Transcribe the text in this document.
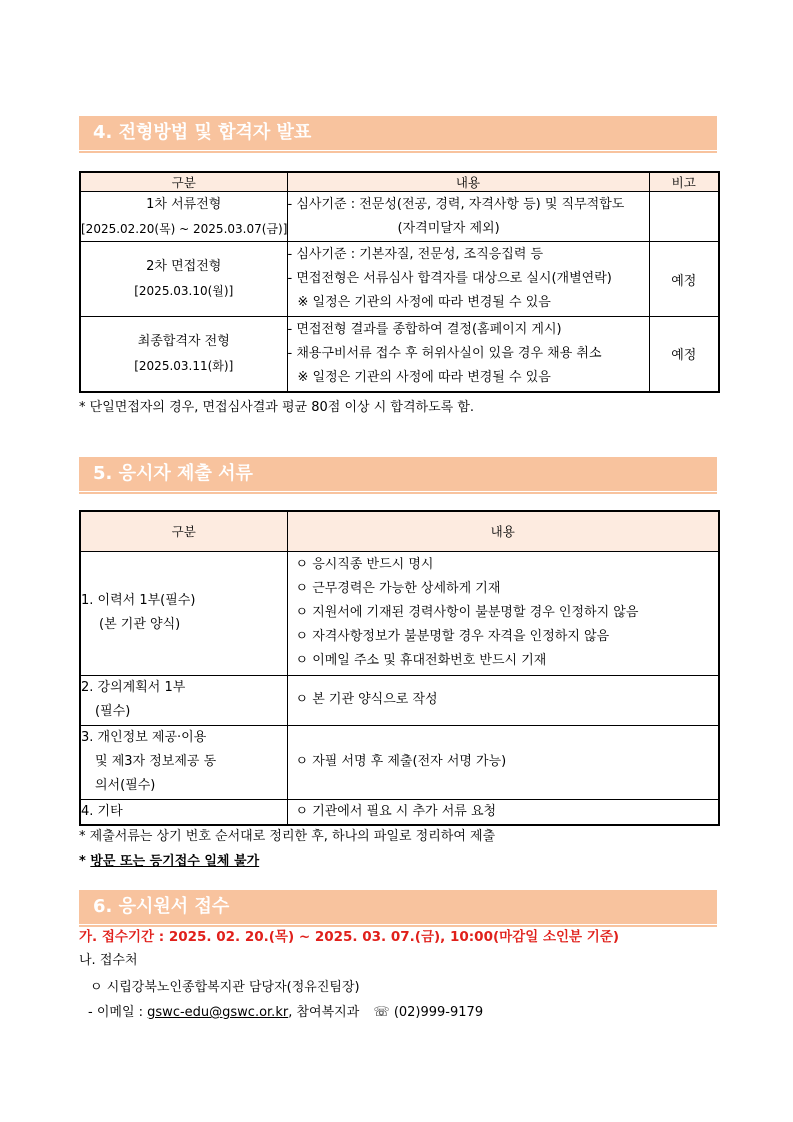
4. 전형방법 및 합격자 발표
구분	내용	비고

1차 서류전형
[2025.02.20(목) ~ 2025.03.07(금)]	- 심사기준 : 전문성(전공, 경력, 자격사항 등) 및 직무적합도
(자격미달자 제외)	

2차 면접전형
[2025.03.10(월)]	- 심사기준 : 기본자질, 전문성, 조직응집력 등
- 면접전형은 서류심사 합격자를 대상으로 실시(개별연락)
※ 일정은 기관의 사정에 따라 변경될 수 있음	예정

최종합격자 전형
[2025.03.11(화)]	- 면접전형 결과를 종합하여 결정(홈페이지 게시)
- 채용구비서류 접수 후 허위사실이 있을 경우 채용 취소
※ 일정은 기관의 사정에 따라 변경될 수 있음	예정
* 단일면접자의 경우, 면접심사결과 평균 80점 이상 시 합격하도록 함.
5. 응시자 제출 서류
구분	내용

1. 이력서 1부(필수)
(본 기관 양식)	ㅇ 응시직종 반드시 명시
ㅇ 근무경력은 가능한 상세하게 기재
ㅇ 지원서에 기재된 경력사항이 불분명할 경우 인정하지 않음
ㅇ 자격사항정보가 불분명할 경우 자격을 인정하지 않음
ㅇ 이메일 주소 및 휴대전화번호 반드시 기재

2. 강의계획서 1부
(필수)	ㅇ 본 기관 양식으로 작성

3. 개인정보 제공·이용
및 제3자 정보제공 동
의서(필수)	ㅇ 자필 서명 후 제출(전자 서명 가능)

4. 기타	ㅇ 기관에서 필요 시 추가 서류 요청
* 제출서류는 상기 번호 순서대로 정리한 후, 하나의 파일로 정리하여 제출
* 방문 또는 등기접수 일체 불가
6. 응시원서 접수
가. 접수기간 : 2025. 02. 20.(목) ~ 2025. 03. 07.(금), 10:00(마감일 소인분 기준)
나. 접수처
ㅇ 시립강북노인종합복지관 담당자(정유진팀장)
- 이메일 : gswc-edu@gswc.or.kr, 참여복지과 ☏ (02)999-9179
